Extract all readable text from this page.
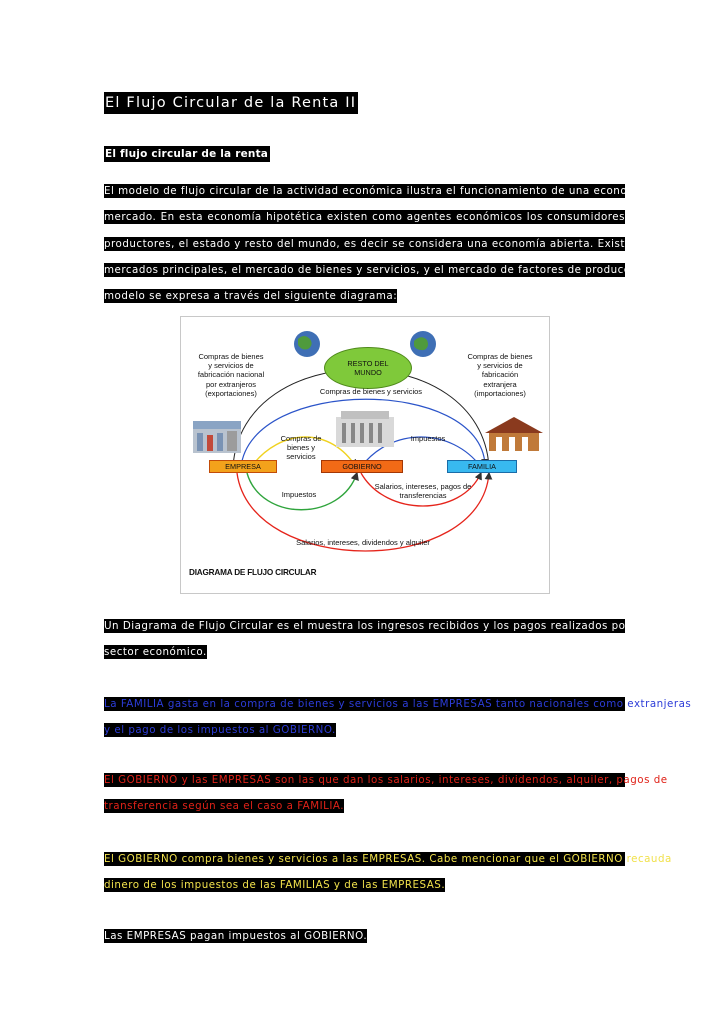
El Flujo Circular de la Renta II
El flujo circular de la renta
El modelo de flujo circular de la actividad económica ilustra el funcionamiento de una economía de
mercado. En esta economía hipotética existen como agentes económicos los consumidores
productores, el estado y resto del mundo, es decir se considera una economía abierta. Existen dos
mercados principales, el mercado de bienes y servicios, y el mercado de factores de producción. El
modelo se expresa a través del siguiente diagrama:
RESTO DEL
MUNDO
Compras de bienes
y servicios de
fabricación nacional
por extranjeros
(exportaciones)
Compras de bienes
y servicios de
fabricación
extranjera
(importaciones)
Compras de bienes y servicios
Compras de
bienes y
servicios
Impuestos
EMPRESA	GOBIERNO	FAMILIA
Impuestos
Salarios, intereses, pagos de
transferencias
Salarios, intereses, dividendos y alquiler
DIAGRAMA DE FLUJO CIRCULAR
Un Diagrama de Flujo Circular es el muestra los ingresos recibidos y los pagos realizados por cada
sector económico.
La FAMILIA gasta en la compra de bienes y servicios a las EMPRESAS tanto nacionales como extranjeras
y el pago de los impuestos al GOBIERNO.
El GOBIERNO y las EMPRESAS son las que dan los salarios, intereses, dividendos, alquiler, pagos de
transferencia según sea el caso a FAMILIA.
El GOBIERNO compra bienes y servicios a las EMPRESAS. Cabe mencionar que el GOBIERNO recauda
dinero de los impuestos de las FAMILIAS y de las EMPRESAS.
Las EMPRESAS pagan impuestos al GOBIERNO.
